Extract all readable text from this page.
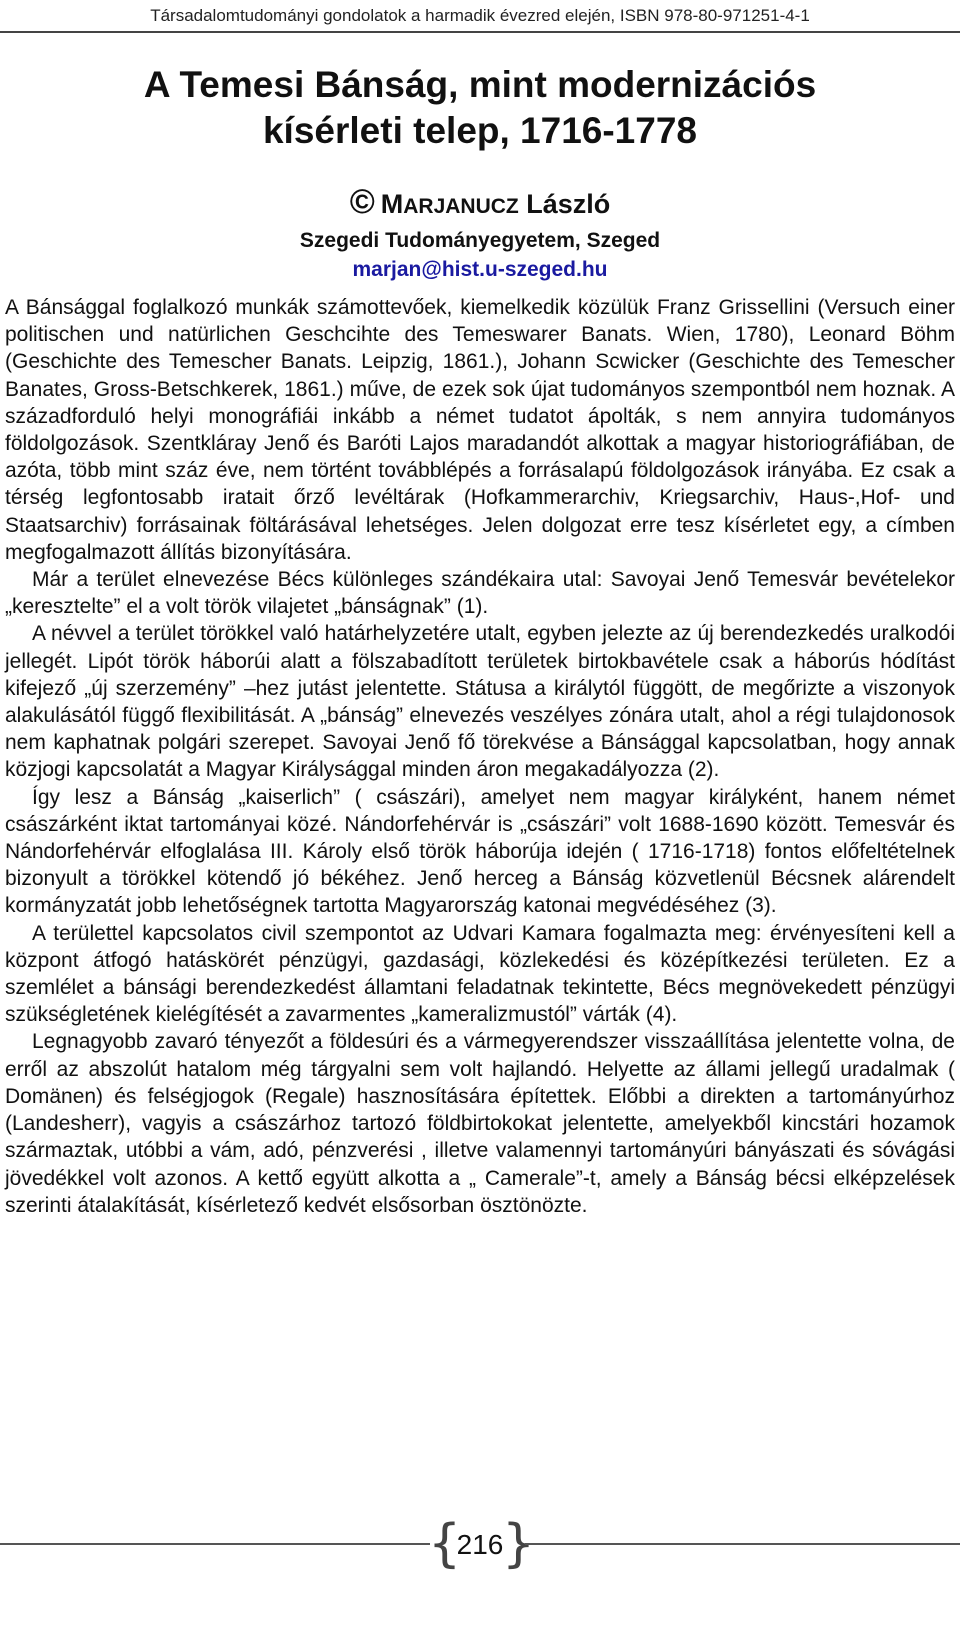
Társadalomtudományi gondolatok a harmadik évezred elején, ISBN 978-80-971251-4-1
A Temesi Bánság, mint modernizációs
kísérleti telep, 1716-1778
© MARJANUCZ László
Szegedi Tudományegyetem, Szeged
marjan@hist.u-szeged.hu

A Bánsággal foglalkozó munkák számottevőek, kiemelkedik közülük Franz Grissellini (Versuch einer politischen und natürlichen Geschcihte des Temeswarer Banats. Wien, 1780), Leonard Böhm (Geschichte des Temescher Banats. Leipzig, 1861.), Johann Scwicker (Geschichte des Temescher Banates, Gross-Betschkerek, 1861.) műve, de ezek sok újat tudományos szempontból nem hoznak. A századforduló helyi monográfiái inkább a német tudatot ápolták, s nem annyira tudományos földolgozások. Szentkláray Jenő és Baróti Lajos maradandót alkottak a magyar historiográfiában, de azóta, több mint száz éve, nem történt továbblépés a forrásalapú földolgozások irányába. Ez csak a térség legfontosabb iratait őrző levéltárak (Hofkammerarchiv, Kriegsarchiv, Haus-,Hof- und Staatsarchiv) forrásainak föltárásával lehetséges. Jelen dolgozat erre tesz kísérletet egy, a címben megfogalmazott állítás bizonyítására.

Már a terület elnevezése Bécs különleges szándékaira utal: Savoyai Jenő Temesvár bevételekor „keresztelte” el a volt török vilajetet „bánságnak” (1).

A névvel a terület törökkel való határhelyzetére utalt, egyben jelezte az új berendezkedés uralkodói jellegét. Lipót török háborúi alatt a fölszabadított területek birtokbavétele csak a háborús hódítást kifejező „új szerzemény” –hez jutást jelentette. Státusa a királytól függött, de megőrizte a viszonyok alakulásától függő flexibilitását. A „bánság” elnevezés veszélyes zónára utalt, ahol a régi tulajdonosok nem kaphatnak polgári szerepet. Savoyai Jenő fő törekvése a Bánsággal kapcsolatban, hogy annak közjogi kapcsolatát a Magyar Királysággal minden áron megakadályozza (2).

Így lesz a Bánság „kaiserlich” ( császári), amelyet nem magyar királyként, hanem német császárként iktat tartományai közé. Nándorfehérvár is „császári” volt 1688-1690 között. Temesvár és Nándorfehérvár elfoglalása III. Károly első török háborúja idején ( 1716-1718) fontos előfeltételnek bizonyult a törökkel kötendő jó békéhez. Jenő herceg a Bánság közvetlenül Bécsnek alárendelt kormányzatát jobb lehetőségnek tartotta Magyarország katonai megvédéséhez (3).

A területtel kapcsolatos civil szempontot az Udvari Kamara fogalmazta meg: érvényesíteni kell a központ átfogó hatáskörét pénzügyi, gazdasági, közlekedési és középítkezési területen. Ez a szemlélet a bánsági berendezkedést államtani feladatnak tekintette, Bécs megnövekedett pénzügyi szükségletének kielégítését a zavarmentes „kameralizmustól” várták (4).

Legnagyobb zavaró tényezőt a földesúri és a vármegyerendszer visszaállítása jelentette volna, de erről az abszolút hatalom még tárgyalni sem volt hajlandó. Helyette az állami jellegű uradalmak ( Domänen) és felségjogok (Regale) hasznosítására építettek. Előbbi a direkten a tartományúrhoz (Landesherr), vagyis a császárhoz tartozó földbirtokokat jelentette, amelyekből kincstári hozamok származtak, utóbbi a vám, adó, pénzverési , illetve valamennyi tartományúri bányászati és sóvágási jövedékkel volt azonos. A kettő együtt alkotta a „ Camerale”-t, amely a Bánság bécsi elképzelések szerinti átalakítását, kísérletező kedvét elsősorban ösztönözte.

{
216
}
